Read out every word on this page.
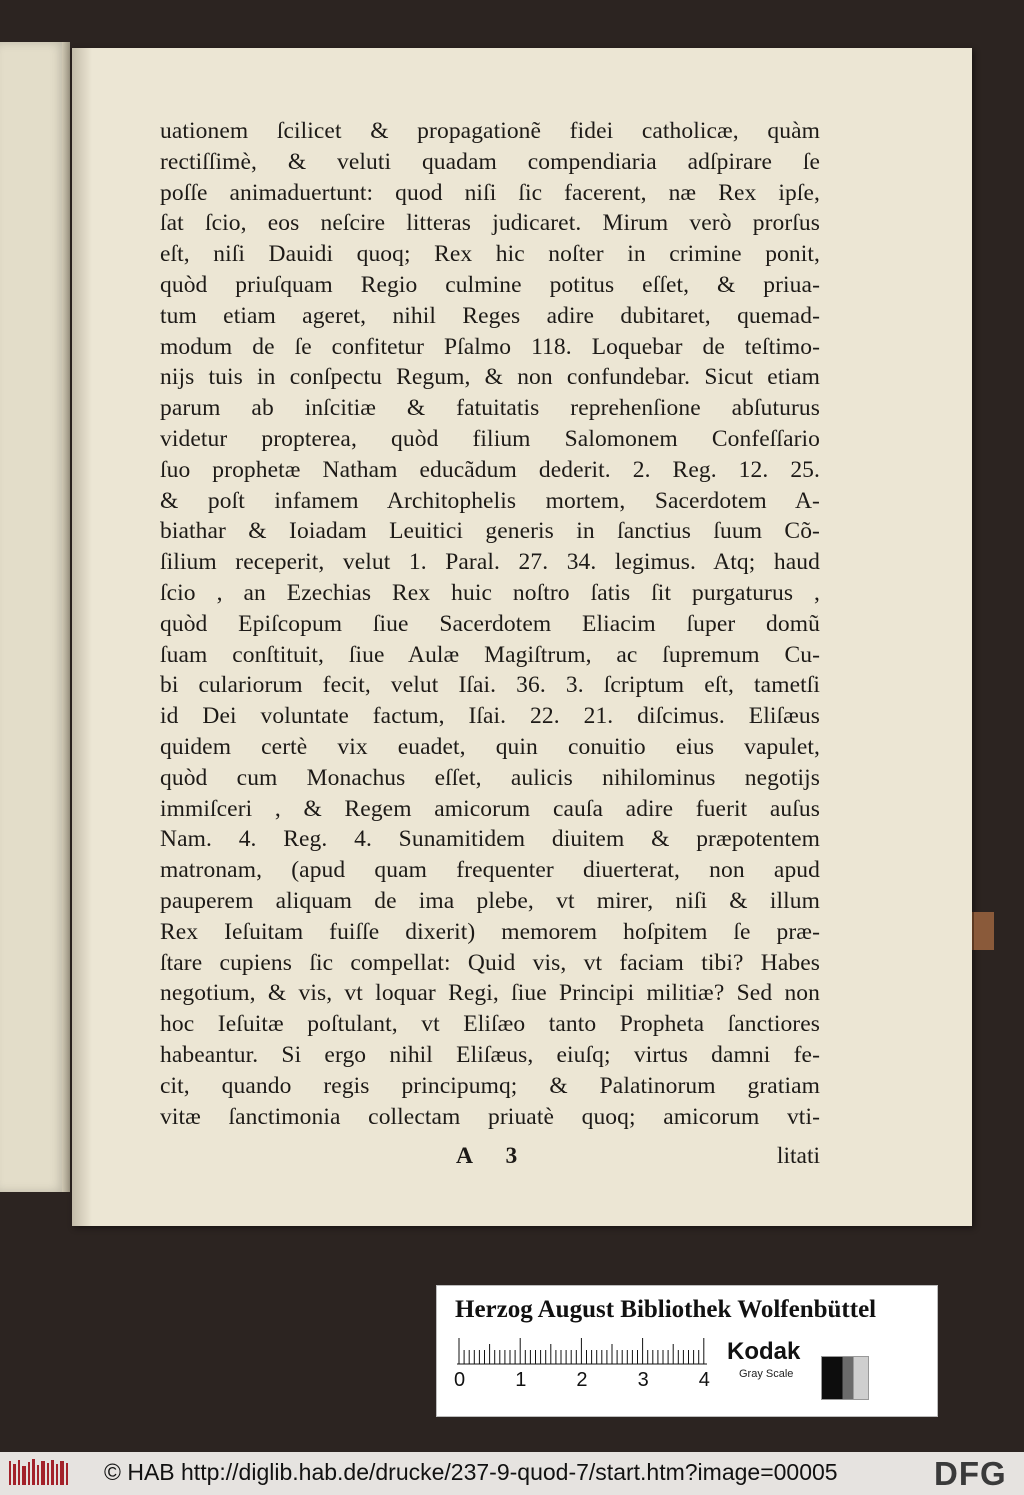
uationem ſcilicet & propagationẽ fidei catholicæ, quàm
rectiſſimè, & veluti quadam compendiaria adſpirare ſe
poſſe animaduertunt: quod niſi ſic facerent, næ Rex ipſe,
ſat ſcio, eos neſcire litteras judicaret. Mirum verò prorſus
eſt, niſi Dauidi quoq; Rex hic noſter in crimine ponit,
quòd priuſquam Regio culmine potitus eſſet, & priua-
tum etiam ageret, nihil Reges adire dubitaret, quemad-
modum de ſe confitetur Pſalmo 118. Loquebar de teſtimo-
nijs tuis in conſpectu Regum, & non confundebar. Sicut etiam
parum ab inſcitiæ & fatuitatis reprehenſione abſuturus
videtur propterea, quòd filium Salomonem Confeſſario
ſuo prophetæ Natham educãdum dederit. 2. Reg. 12. 25.
& poſt infamem Architophelis mortem, Sacerdotem A-
biathar & Ioiadam Leuitici generis in ſanctius ſuum Cõ-
ſilium receperit, velut 1. Paral. 27. 34. legimus. Atq; haud
ſcio , an Ezechias Rex huic noſtro ſatis ſit purgaturus ,
quòd Epiſcopum ſiue Sacerdotem Eliacim ſuper domũ
ſuam conſtituit, ſiue Aulæ Magiſtrum, ac ſupremum Cu-
bi culariorum fecit, velut Iſai. 36. 3. ſcriptum eſt, tametſi
id Dei voluntate factum, Iſai. 22. 21. diſcimus. Eliſæus
quidem certè vix euadet, quin conuitio eius vapulet,
quòd cum Monachus eſſet, aulicis nihilominus negotijs
immiſceri , & Regem amicorum cauſa adire fuerit auſus
Nam. 4. Reg. 4. Sunamitidem diuitem & præpotentem
matronam, (apud quam frequenter diuerterat, non apud
pauperem aliquam de ima plebe, vt mirer, niſi & illum
Rex Ieſuitam fuiſſe dixerit) memorem hoſpitem ſe præ-
ſtare cupiens ſic compellat: Quid vis, vt faciam tibi? Habes
negotium, & vis, vt loquar Regi, ſiue Principi militiæ? Sed non
hoc Ieſuitæ poſtulant, vt Eliſæo tanto Propheta ſanctiores
habeantur. Si ergo nihil Eliſæus, eiuſq; virtus damni fe-
cit, quando regis principumq; & Palatinorum gratiam
vitæ ſanctimonia collectam priuatè quoq; amicorum vti-
A 3	litati
Herzog August Bibliothek Wolfenbüttel
0	1	2	3	4
Kodak
Gray Scale
© HAB http://diglib.hab.de/drucke/237-9-quod-7/start.htm?image=00005	DFG
